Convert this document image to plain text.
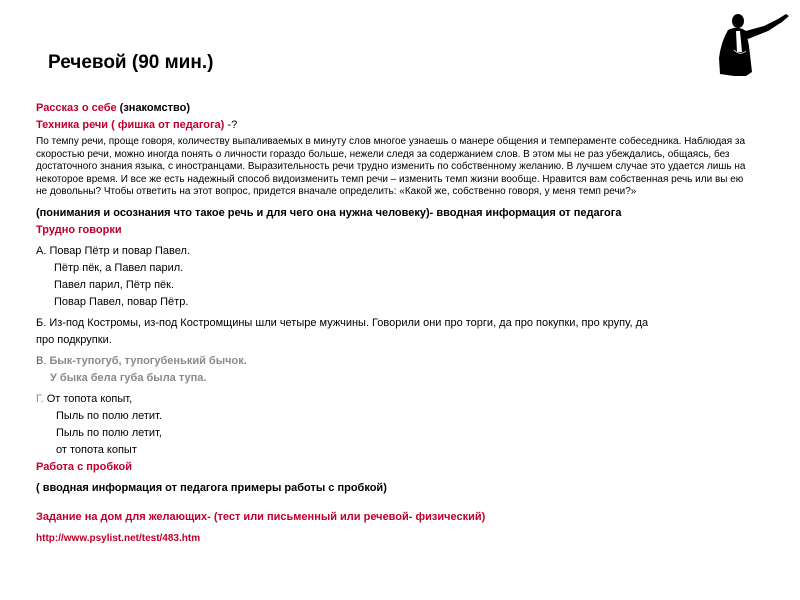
Речевой (90 мин.)
Рассказ о себе (знакомство)
Техника речи ( фишка от педагога) -?
По темпу речи, проще говоря, количеству выпаливаемых в минуту слов многое узнаешь о манере общения и темпераменте собеседника. Наблюдая за скоростью речи, можно иногда понять о личности гораздо больше, нежели следя за содержанием слов. В этом мы не раз убеждались, общаясь, без достаточного знания языка, с иностранцами. Выразительность речи трудно изменить по собственному желанию. В лучшем случае это удается лишь на некоторое время. И все же есть надежный способ видоизменить темп речи – изменить темп жизни вообще. Нравится вам собственная речь или вы ею не довольны? Чтобы ответить на этот вопрос, придется вначале определить: «Какой же, собственно говоря, у меня темп речи?»
(понимания и осознания что такое речь и для чего она нужна человеку)- вводная информация от педагога
Трудно говорки
А. Повар Пётр и повар Павел.
Пётр пёк, а Павел парил.
Павел парил, Пётр пёк.
Повар Павел, повар Пётр.
Б. Из-под Костромы, из-под Костромщины шли четыре мужчины. Говорили они про торги, да про покупки, про крупу, да
про подкрупки.
В. Бык-тупогуб, тупогубенький бычок.
У быка бела губа была тупа.
Г. От топота копыт,
Пыль по полю летит.
Пыль по полю летит,
от топота копыт
Работа с пробкой
( вводная информация от педагога примеры работы с пробкой)
Задание на дом для желающих- (тест или письменный или речевой- физический)
http://www.psylist.net/test/483.htm
